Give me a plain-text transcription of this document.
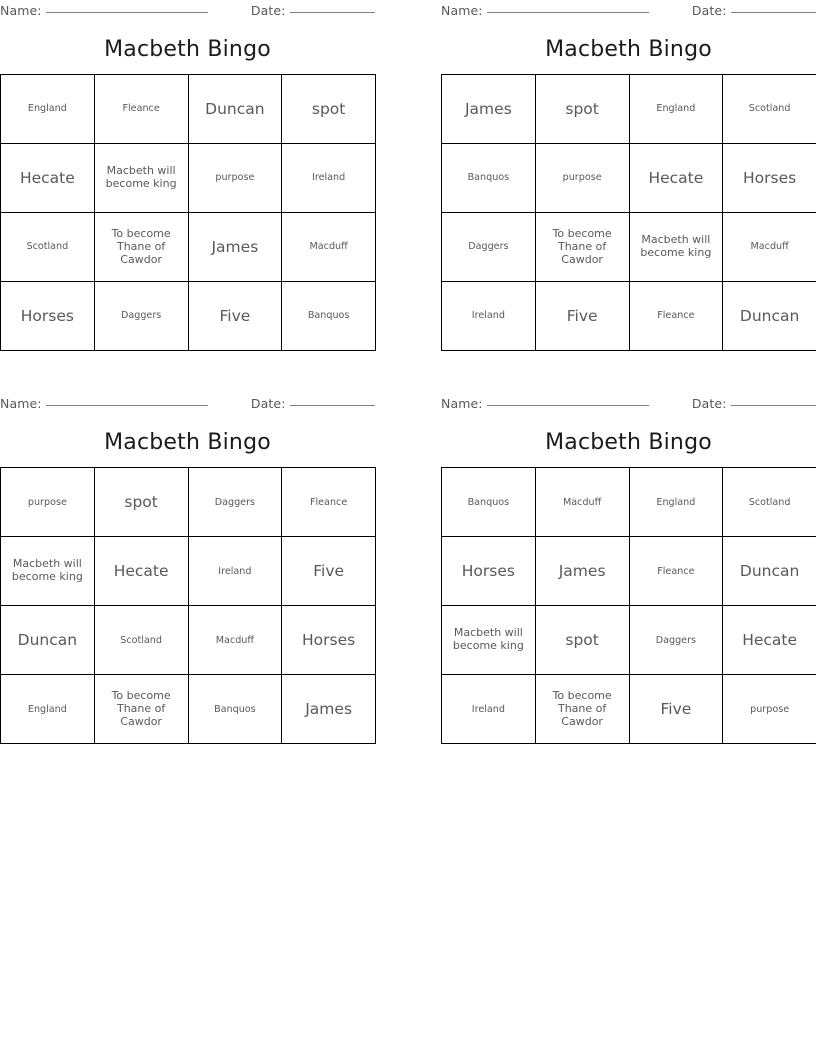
Name:	Date:
Macbeth Bingo
England	Fleance	Duncan	spot
Hecate	Macbeth will become king	purpose	Ireland
Scotland	To become Thane of Cawdor	James	Macduff
Horses	Daggers	Five	Banquos
Name:	Date:
Macbeth Bingo
James	spot	England	Scotland
Banquos	purpose	Hecate	Horses
Daggers	To become Thane of Cawdor	Macbeth will become king	Macduff
Ireland	Five	Fleance	Duncan
Name:	Date:
Macbeth Bingo
purpose	spot	Daggers	Fleance
Macbeth will become king	Hecate	Ireland	Five
Duncan	Scotland	Macduff	Horses
England	To become Thane of Cawdor	Banquos	James
Name:	Date:
Macbeth Bingo
Banquos	Macduff	England	Scotland
Horses	James	Fleance	Duncan
Macbeth will become king	spot	Daggers	Hecate
Ireland	To become Thane of Cawdor	Five	purpose
